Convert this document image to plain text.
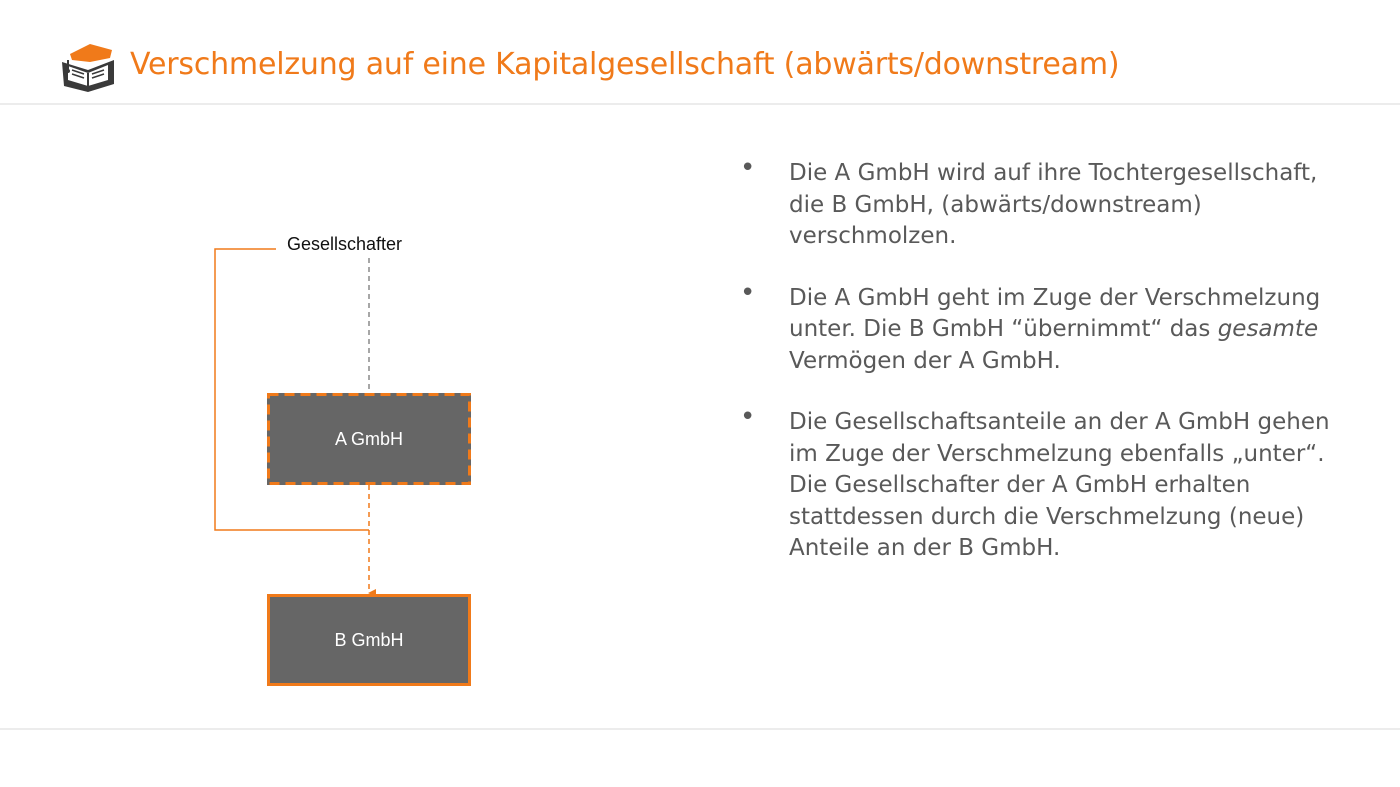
Verschmelzung auf eine Kapitalgesellschaft (abwärts/downstream)
Gesellschafter
A GmbH
B GmbH
• Die A GmbH wird auf ihre Tochtergesellschaft, die B GmbH, (abwärts/downstream) verschmolzen.
• Die A GmbH geht im Zuge der Verschmelzung unter. Die B GmbH “übernimmt“ das gesamte Vermögen der A GmbH.
• Die Gesellschaftsanteile an der A GmbH gehen im Zuge der Verschmelzung ebenfalls „unter“. Die Gesellschafter der A GmbH erhalten stattdessen durch die Verschmelzung (neue) Anteile an der B GmbH.
